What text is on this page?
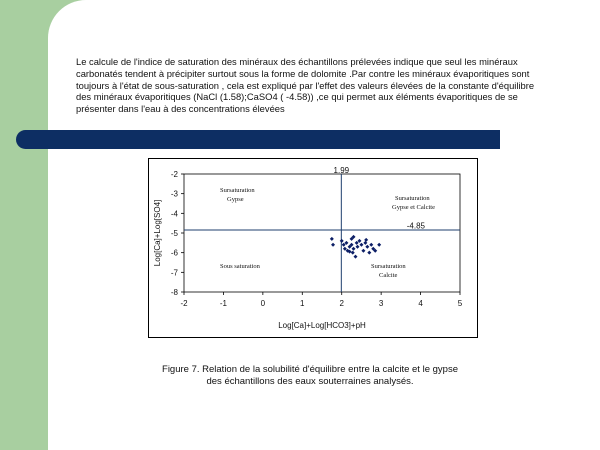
Le calcule de l'indice de saturation des minéraux des échantillons prélevées indique que seul les minéraux carbonatés tendent à précipiter surtout sous la forme de dolomite .Par contre les minéraux évaporitiques sont toujours à l'état de sous-saturation , cela est expliqué par l'effet des valeurs élevées de la constante d'équilibre des minéraux évaporitiques (NaCl (1.58);CaSO4 ( -4.58)) ,ce qui permet aux éléments évaporitiques de se présenter dans l'eau à des concentrations élevées

-2
-3
-4
-5
-6
-7
-8
-2	-1	0	1	2	3	4	5
1.99
-4.85
Sursaturation
Gypse	Sursaturation
Gypse et Calcite
Sous saturation	Sursaturation
Calcite
Log[Ca]+Log[HCO3]+pH
Log[Ca]+Log[SO4]
Figure 7. Relation de la solubilité d'équilibre entre la calcite et le gypse
des échantillons des eaux souterraines analysés.
